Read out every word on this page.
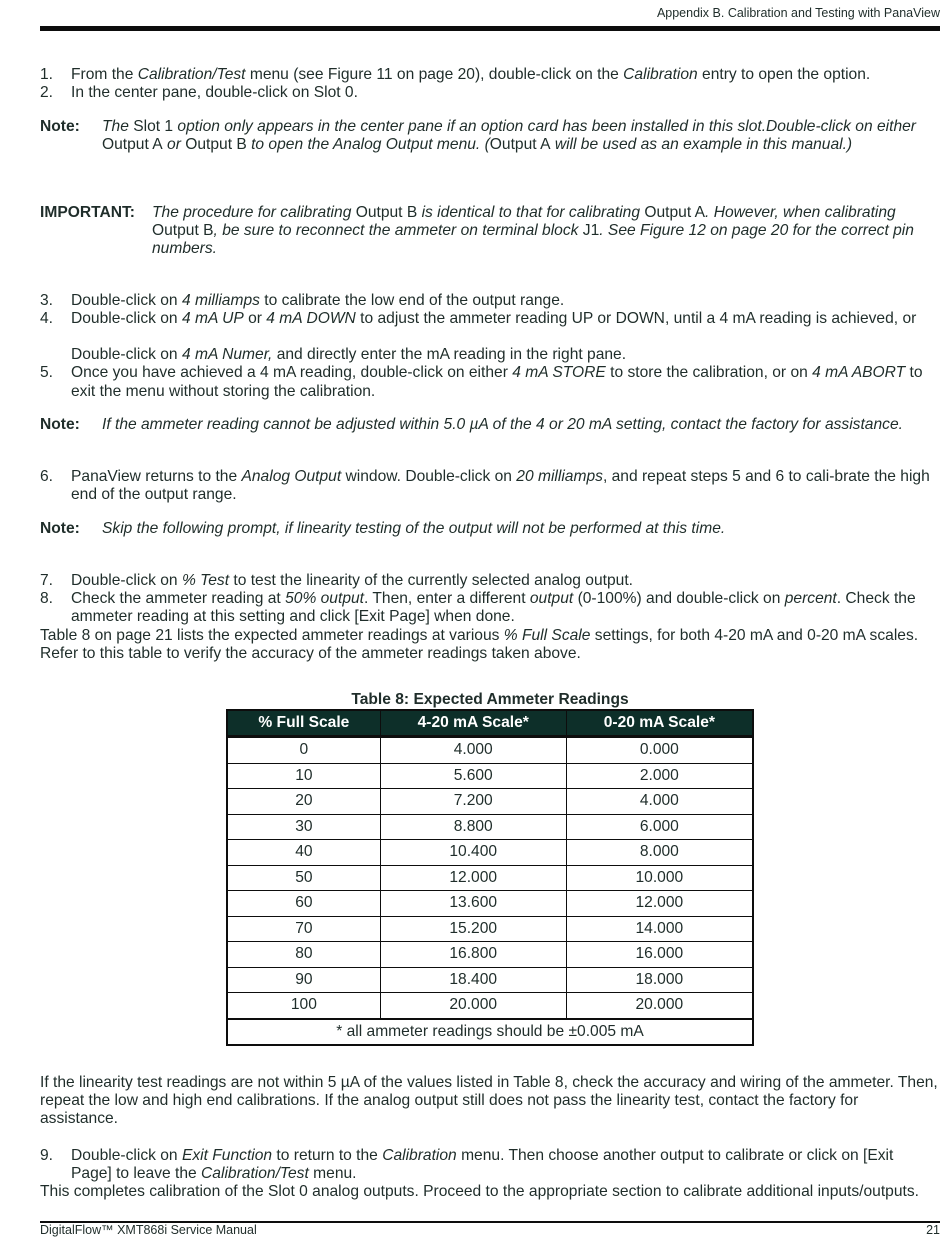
Appendix B. Calibration and Testing with PanaView

1. From the Calibration/Test menu (see Figure 11 on page 20), double-click on the Calibration entry to open the option.

2. In the center pane, double-click on Slot 0.

Note: The Slot 1 option only appears in the center pane if an option card has been installed in this slot.Double-click on either Output A or Output B to open the Analog Output menu. (Output A will be used as an example in this manual.)

IMPORTANT: The procedure for calibrating Output B is identical to that for calibrating Output A. However, when calibrating Output B, be sure to reconnect the ammeter on terminal block J1. See Figure 12 on page 20 for the correct pin numbers.

3. Double-click on 4 milliamps to calibrate the low end of the output range.

4. Double-click on 4 mA UP or 4 mA DOWN to adjust the ammeter reading UP or DOWN, until a 4 mA reading is achieved, or

Double-click on 4 mA Numer, and directly enter the mA reading in the right pane.

5. Once you have achieved a 4 mA reading, double-click on either 4 mA STORE to store the calibration, or on 4 mA ABORT to exit the menu without storing the calibration.

Note: If the ammeter reading cannot be adjusted within 5.0 µA of the 4 or 20 mA setting, contact the factory for assistance.

6. PanaView returns to the Analog Output window. Double-click on 20 milliamps, and repeat steps 5 and 6 to cali-brate the high end of the output range.

Note: Skip the following prompt, if linearity testing of the output will not be performed at this time.

7. Double-click on % Test to test the linearity of the currently selected analog output.

8. Check the ammeter reading at 50% output. Then, enter a different output (0-100%) and double-click on percent. Check the ammeter reading at this setting and click [Exit Page] when done.

Table 8 on page 21 lists the expected ammeter readings at various % Full Scale settings, for both 4-20 mA and 0-20 mA scales. Refer to this table to verify the accuracy of the ammeter readings taken above.

Table 8: Expected Ammeter Readings
% Full Scale	4-20 mA Scale*	0-20 mA Scale*
0	4.000	0.000
10	5.600	2.000
20	7.200	4.000
30	8.800	6.000
40	10.400	8.000
50	12.000	10.000
60	13.600	12.000
70	15.200	14.000
80	16.800	16.000
90	18.400	18.000
100	20.000	20.000
* all ammeter readings should be ±0.005 mA		

If the linearity test readings are not within 5 µA of the values listed in Table 8, check the accuracy and wiring of the ammeter. Then, repeat the low and high end calibrations. If the analog output still does not pass the linearity test, contact the factory for assistance.

9. Double-click on Exit Function to return to the Calibration menu. Then choose another output to calibrate or click on [Exit Page] to leave the Calibration/Test menu.

This completes calibration of the Slot 0 analog outputs. Proceed to the appropriate section to calibrate additional inputs/outputs.

DigitalFlow™ XMT868i Service Manual	21
